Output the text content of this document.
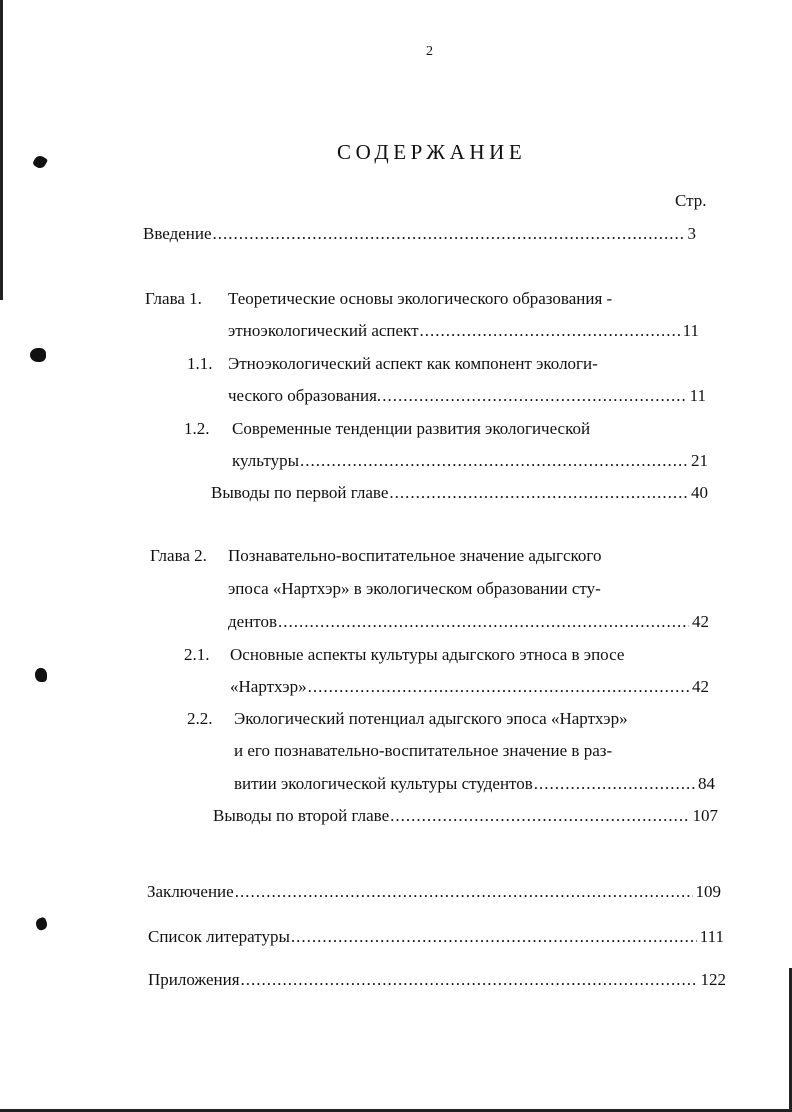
2
СОДЕРЖАНИЕ
Стр.
Введение .....	3
Глава 1. Теоретические основы экологического образования -
этноэкологический аспект .....	11
1.1. Этноэкологический аспект как компонент экологи-
ческого образования. .....	11
1.2. Современные тенденции развития экологической
культуры .....	21
Выводы по первой главе .....	40
Глава 2. Познавательно-воспитательное значение адыгского
эпоса «Нартхэр» в экологическом образовании сту-
дентов .....	42
2.1. Основные аспекты культуры адыгского этноса в эпосе
«Нартхэр» .....	42
2.2. Экологический потенциал адыгского эпоса «Нартхэр»
и его познавательно-воспитательное значение в раз-
витии экологической культуры студентов .....	84
Выводы по второй главе .....	107
Заключение .....	109
Список литературы .....	111
Приложения .....	122
